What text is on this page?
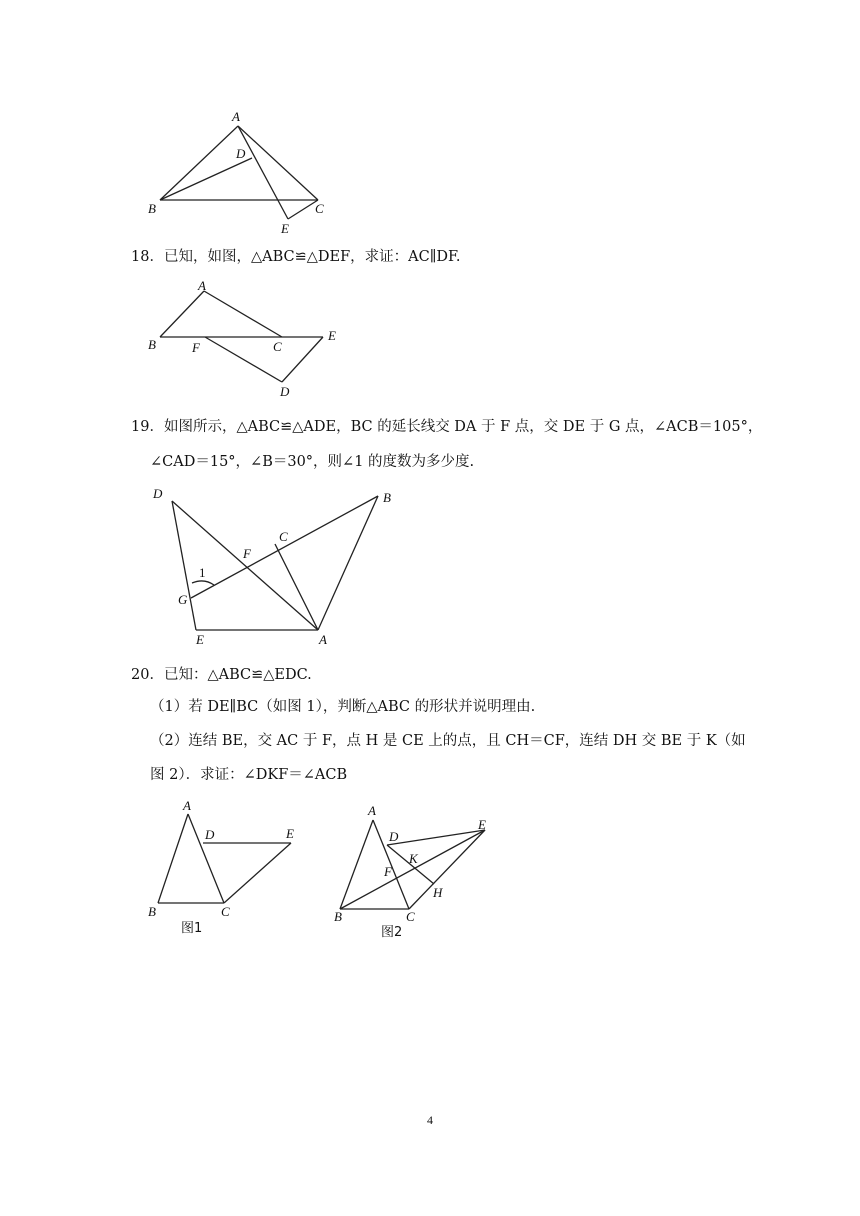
A
D
B	C
E
A
B	F	C
E
D
D	B
C
F
1
G
E	A
A
D	E
B	C
图1
A
D
E
K
F
H
B	C
图2
18．已知，如图，△ABC≌△DEF，求证：AC∥DF.
19．如图所示，△ABC≌△ADE，BC 的延长线交 DA 于 F 点，交 DE 于 G 点，∠ACB＝105°，
∠CAD＝15°，∠B＝30°，则∠1 的度数为多少度.
20．已知：△ABC≌△EDC.
（1）若 DE∥BC（如图 1），判断△ABC 的形状并说明理由.
（2）连结 BE，交 AC 于 F，点 H 是 CE 上的点，且 CH＝CF，连结 DH 交 BE 于 K（如
图 2）．求证：∠DKF＝∠ACB
4
